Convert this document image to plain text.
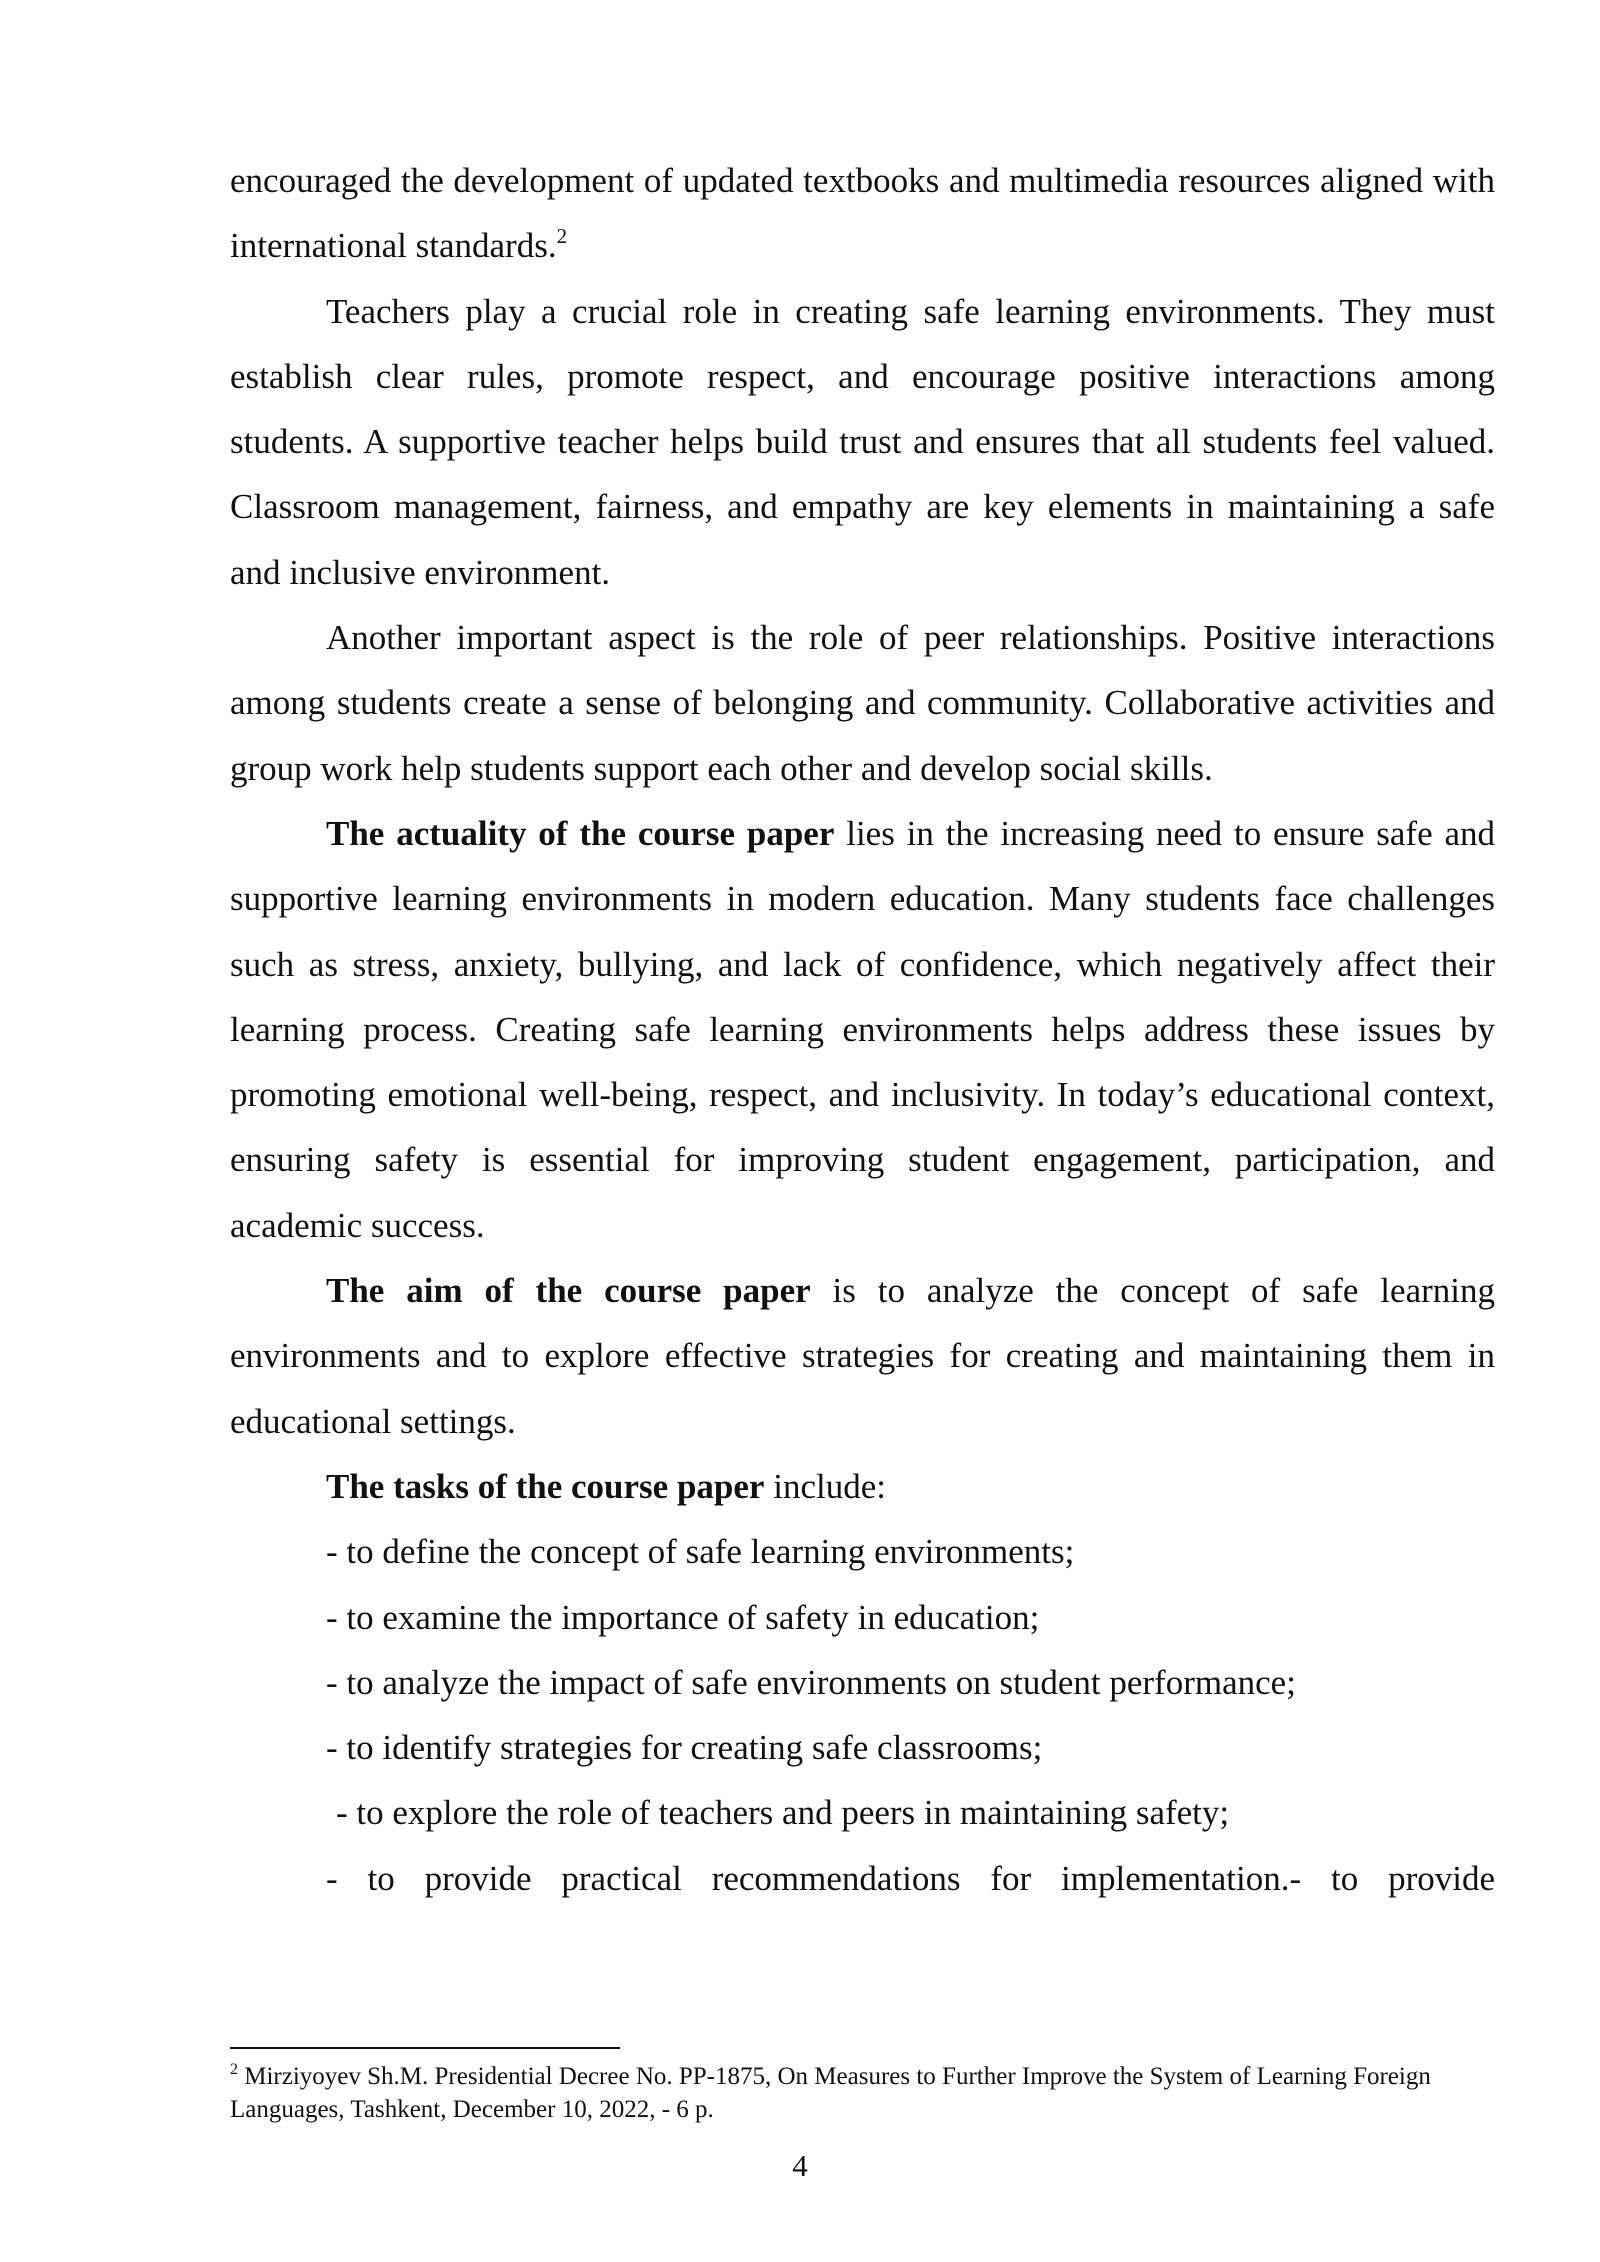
encouraged the development of updated textbooks and multimedia resources aligned with international standards.$^2$

Teachers play a crucial role in creating safe learning environments. They must establish clear rules, promote respect, and encourage positive interactions among students. A supportive teacher helps build trust and ensures that all students feel valued. Classroom management, fairness, and empathy are key elements in maintaining a safe and inclusive environment.

Another important aspect is the role of peer relationships. Positive interactions among students create a sense of belonging and community. Collaborative activities and group work help students support each other and develop social skills.

The actuality of the course paper lies in the increasing need to ensure safe and supportive learning environments in modern education. Many students face challenges such as stress, anxiety, bullying, and lack of confidence, which negatively affect their learning process. Creating safe learning environments helps address these issues by promoting emotional well-being, respect, and inclusivity. In today’s educational context, ensuring safety is essential for improving student engagement, participation, and academic success.

The aim of the course paper is to analyze the concept of safe learning environments and to explore effective strategies for creating and maintaining them in educational settings.

The tasks of the course paper include:

- to define the concept of safe learning environments;
- to examine the importance of safety in education;
- to analyze the impact of safe environments on student performance;
- to identify strategies for creating safe classrooms;
- to explore the role of teachers and peers in maintaining safety;
- to provide practical recommendations for implementation.- to provide
$^2$ Mirziyoyev Sh.M. Presidential Decree No. PP-1875, On Measures to Further Improve the System of Learning Foreign Languages, Tashkent, December 10, 2022, - 6 p.
4
